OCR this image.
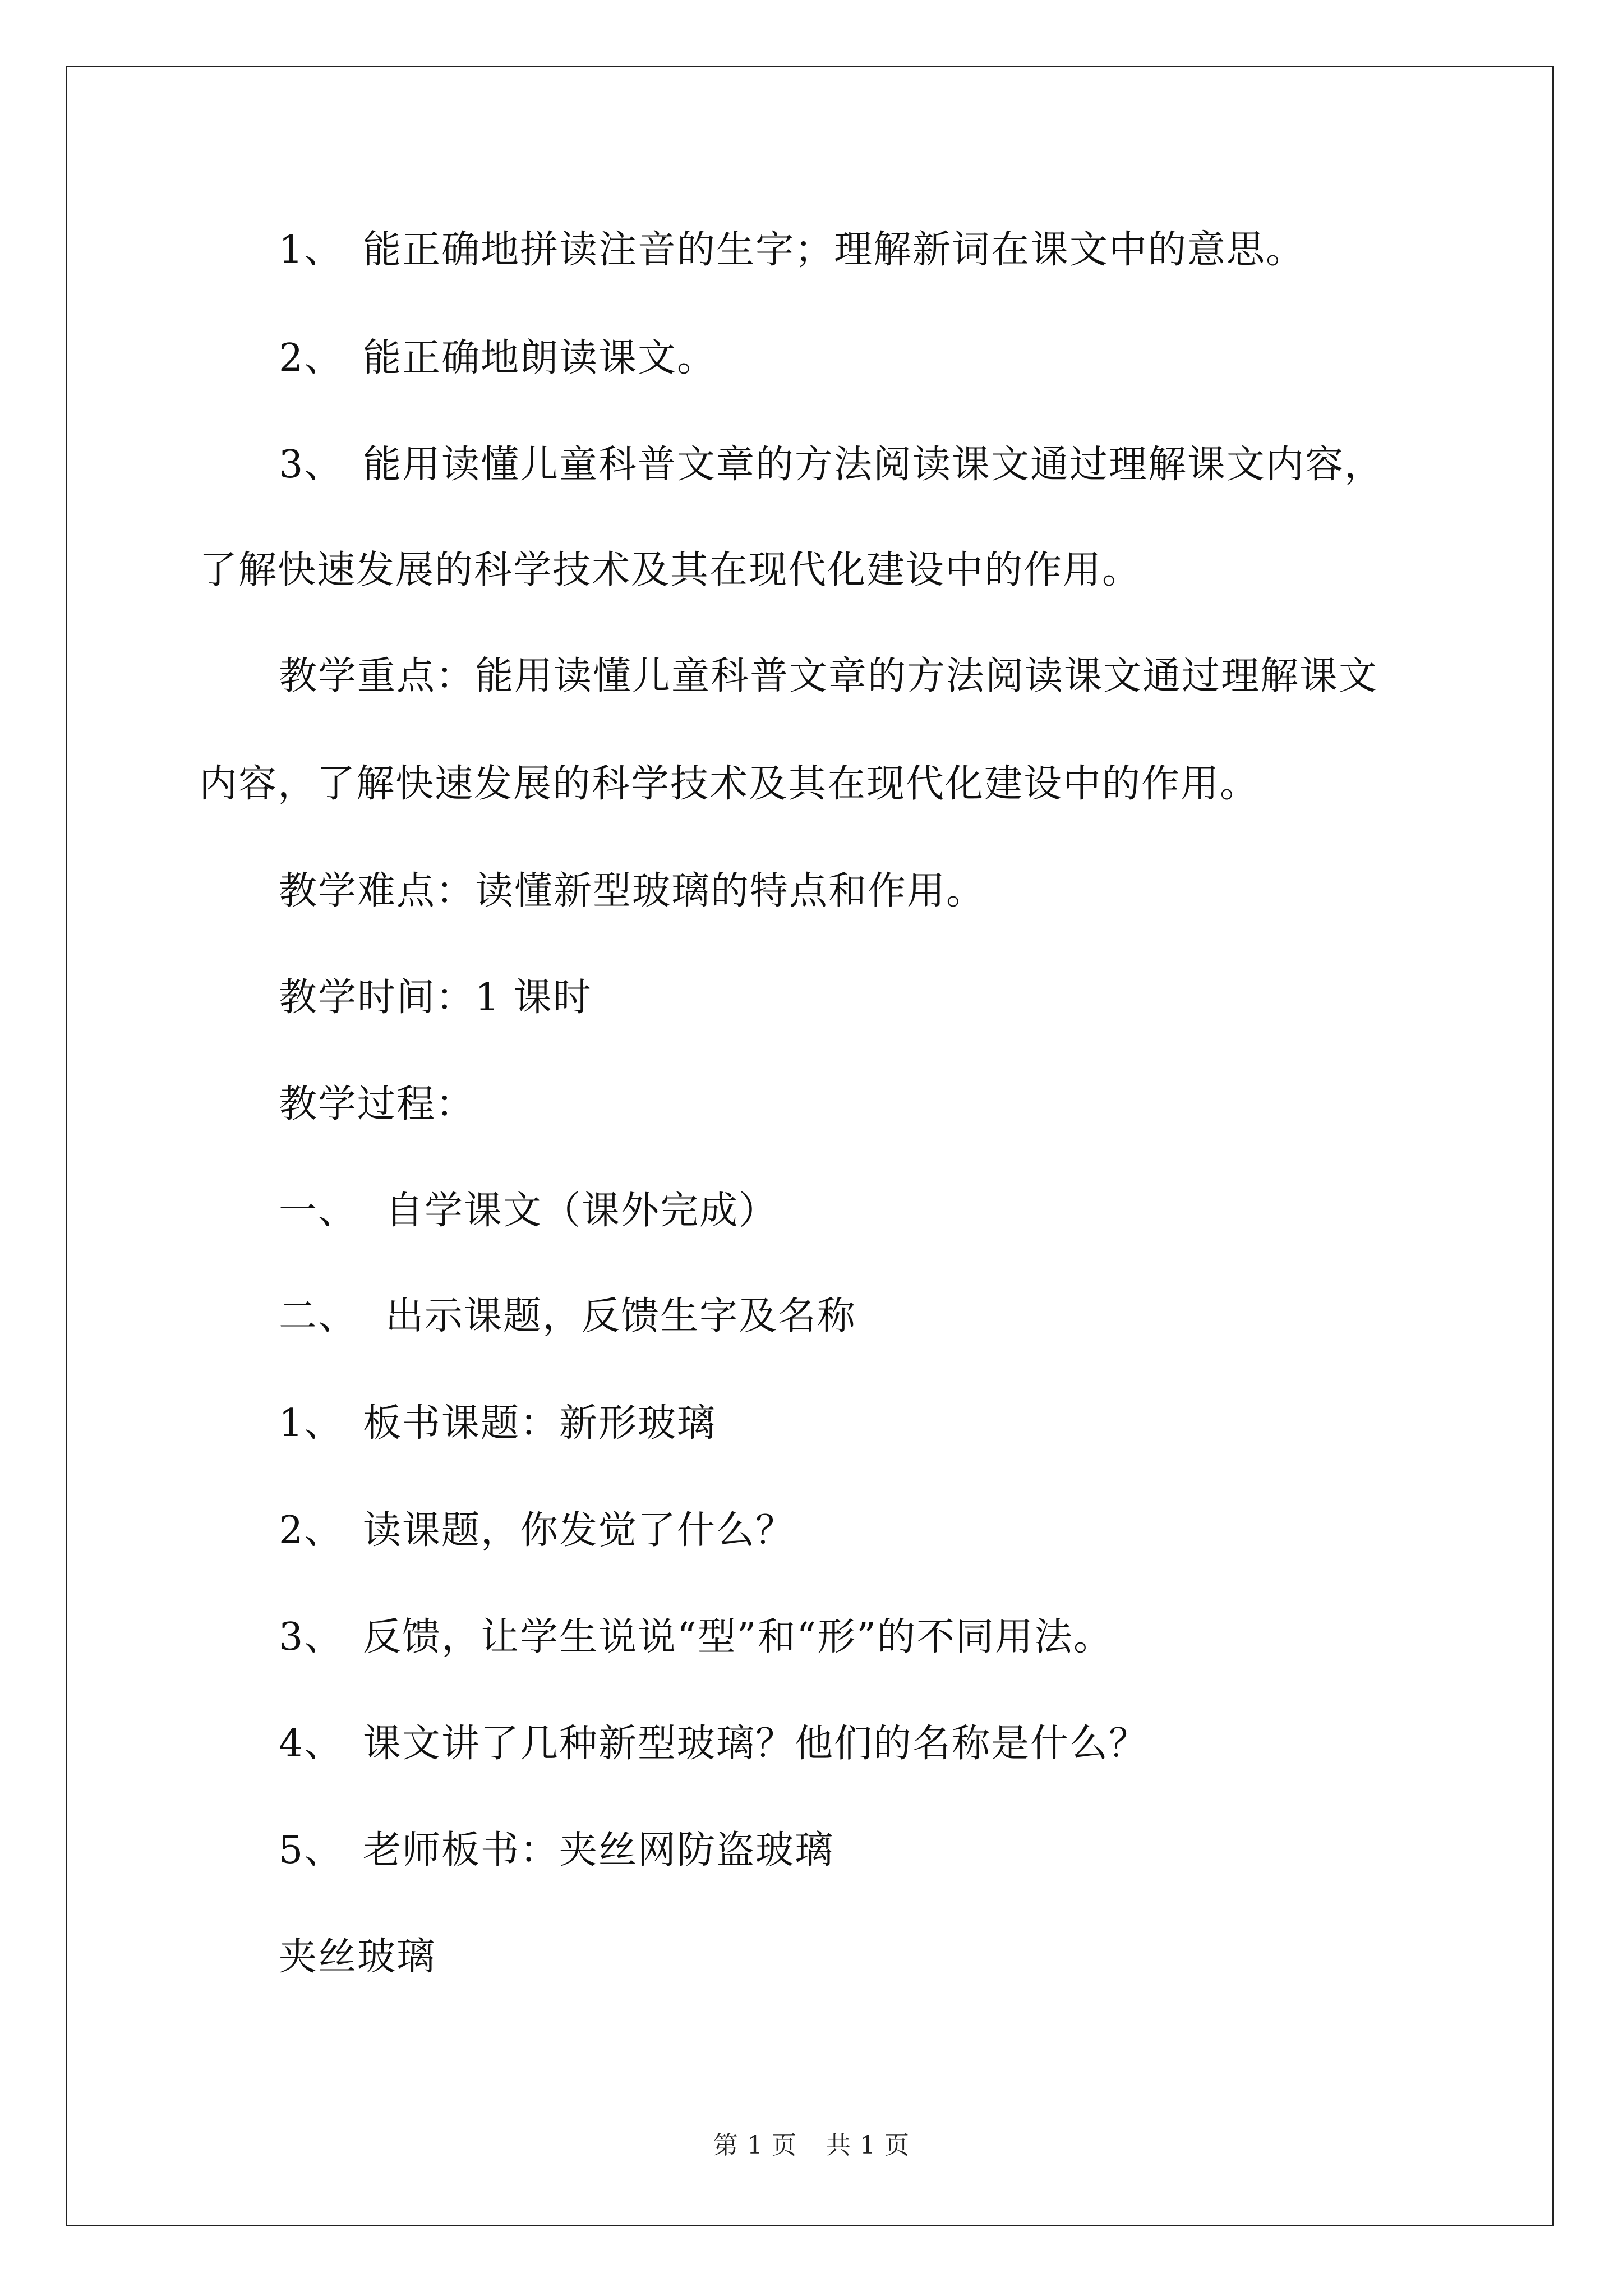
1、 能正确地拼读注音的生字；理解新词在课文中的意思。
2、 能正确地朗读课文。
3、 能用读懂儿童科普文章的方法阅读课文通过理解课文内容，
了解快速发展的科学技术及其在现代化建设中的作用。
教学重点：能用读懂儿童科普文章的方法阅读课文通过理解课文
内容，了解快速发展的科学技术及其在现代化建设中的作用。
教学难点：读懂新型玻璃的特点和作用。
教学时间：1 课时
教学过程：
一、 自学课文（课外完成）
二、 出示课题，反馈生字及名称
1、 板书课题：新形玻璃
2、 读课题，你发觉了什么？
3、 反馈，让学生说说“型”和“形”的不同用法。
4、 课文讲了几种新型玻璃？他们的名称是什么？
5、 老师板书：夹丝网防盗玻璃
夹丝玻璃
第 1 页 共 1 页
